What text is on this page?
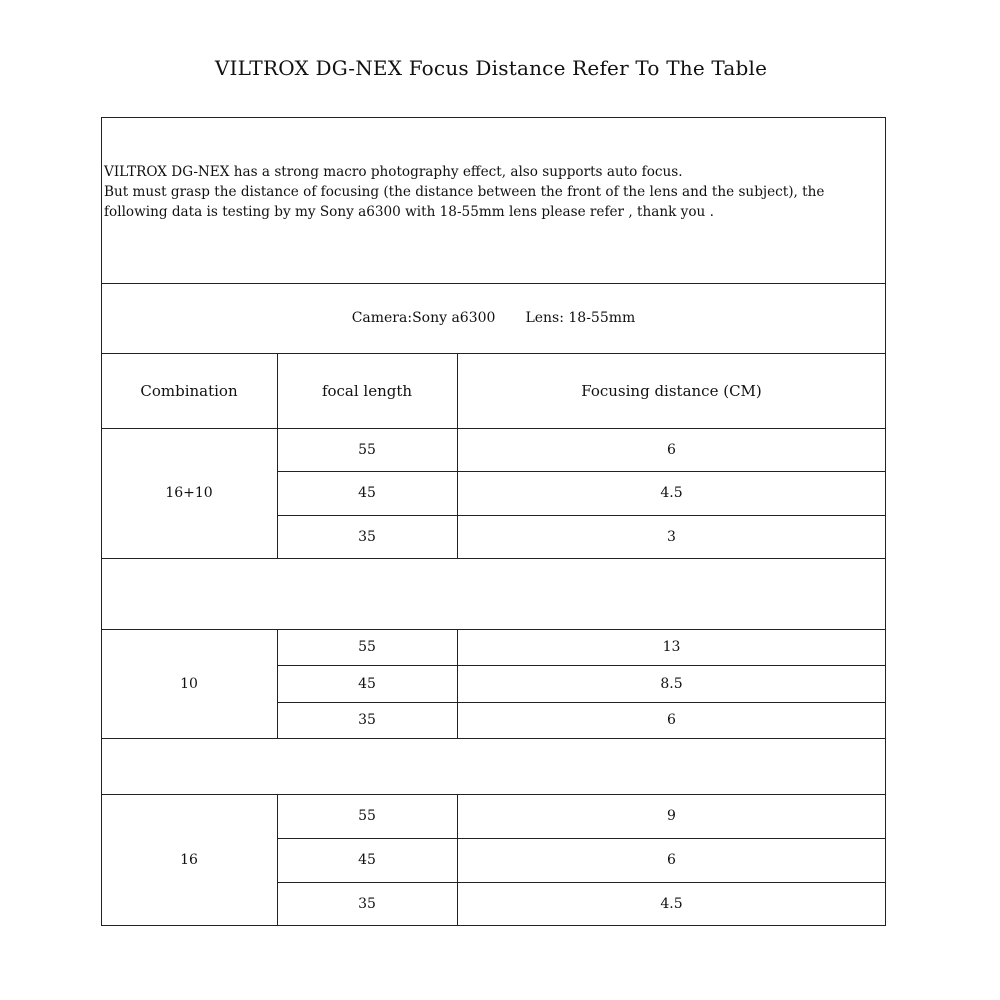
VILTROX DG-NEX Focus Distance Refer To The Table

VILTROX DG-NEX has a strong macro photography effect, also supports auto focus.

But must grasp the distance of focusing (the distance between the front of the lens and the subject), the following data is testing by my Sony a6300 with 18-55mm lens please refer , thank you .

Camera:Sony a6300 Lens: 18-55mm
Combination	focal length	Focusing distance (CM)
16+10
55	6
45	4.5
35	3
10
55	13
45	8.5
35	6
16
55	9
45	6
35	4.5
